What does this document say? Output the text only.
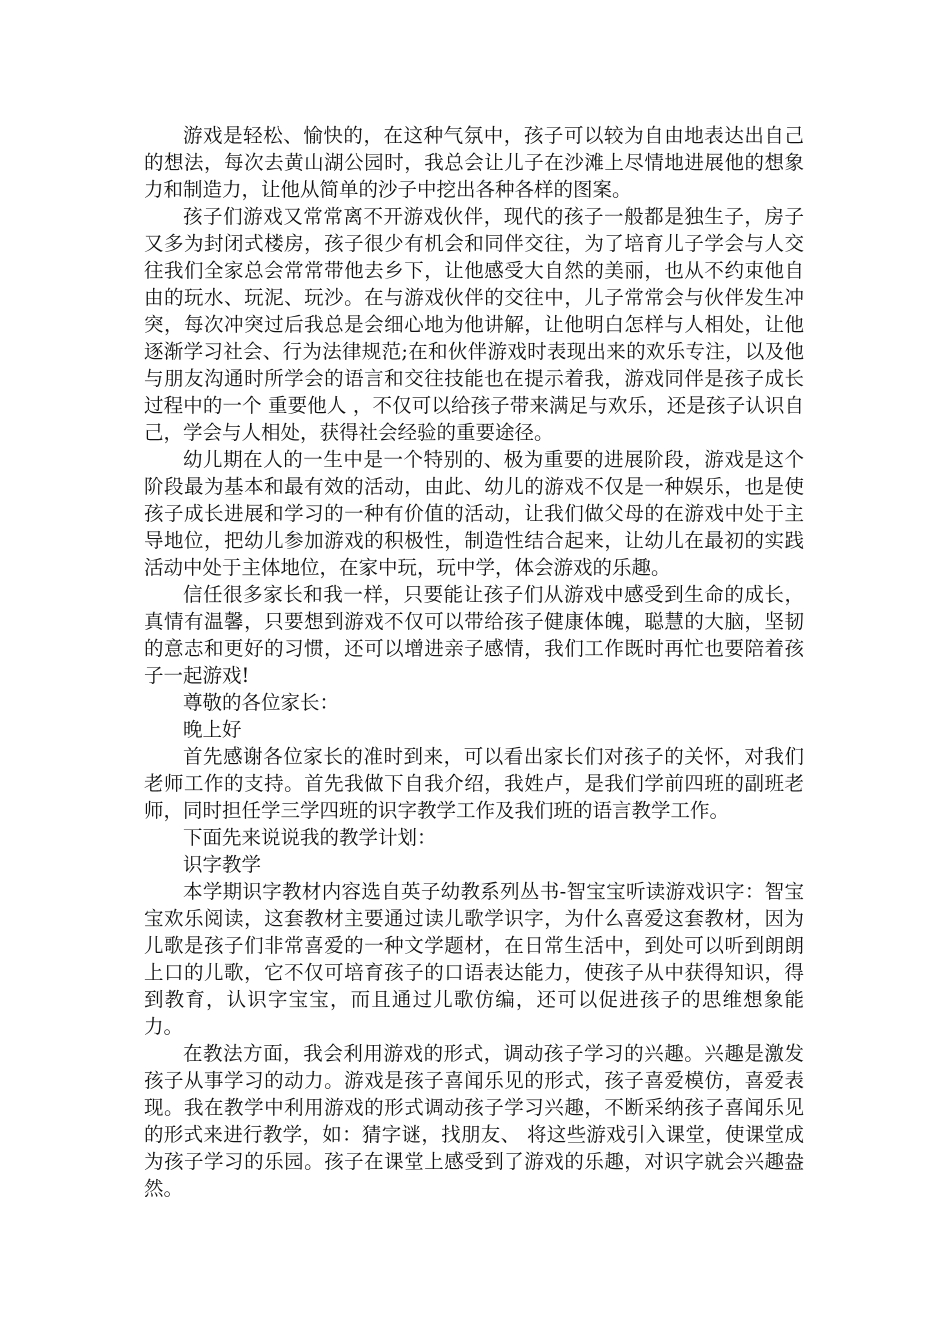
游戏是轻松、愉快的，在这种气氛中，孩子可以较为自由地表达出自己的想法，每次去黄山湖公园时，我总会让儿子在沙滩上尽情地进展他的想象力和制造力，让他从简单的沙子中挖出各种各样的图案。

孩子们游戏又常常离不开游戏伙伴，现代的孩子一般都是独生子，房子又多为封闭式楼房，孩子很少有机会和同伴交往，为了培育儿子学会与人交往我们全家总会常常带他去乡下，让他感受大自然的美丽，也从不约束他自由的玩水、玩泥、玩沙。在与游戏伙伴的交往中，儿子常常会与伙伴发生冲突，每次冲突过后我总是会细心地为他讲解，让他明白怎样与人相处，让他逐渐学习社会、行为法律规范;在和伙伴游戏时表现出来的欢乐专注，以及他与朋友沟通时所学会的语言和交往技能也在提示着我，游戏同伴是孩子成长过程中的一个 重要他人 ，不仅可以给孩子带来满足与欢乐，还是孩子认识自己，学会与人相处，获得社会经验的重要途径。

幼儿期在人的一生中是一个特别的、极为重要的进展阶段，游戏是这个阶段最为基本和最有效的活动，由此、幼儿的游戏不仅是一种娱乐，也是使孩子成长进展和学习的一种有价值的活动，让我们做父母的在游戏中处于主导地位，把幼儿参加游戏的积极性，制造性结合起来，让幼儿在最初的实践活动中处于主体地位，在家中玩，玩中学，体会游戏的乐趣。

信任很多家长和我一样，只要能让孩子们从游戏中感受到生命的成长，真情有温馨，只要想到游戏不仅可以带给孩子健康体魄，聪慧的大脑，坚韧的意志和更好的习惯，还可以增进亲子感情，我们工作既时再忙也要陪着孩子一起游戏!

尊敬的各位家长：

晚上好

首先感谢各位家长的准时到来，可以看出家长们对孩子的关怀，对我们老师工作的支持。首先我做下自我介绍，我姓卢，是我们学前四班的副班老师，同时担任学三学四班的识字教学工作及我们班的语言教学工作。

下面先来说说我的教学计划：

识字教学

本学期识字教材内容选自英子幼教系列丛书-智宝宝听读游戏识字：智宝宝欢乐阅读，这套教材主要通过读儿歌学识字，为什么喜爱这套教材，因为儿歌是孩子们非常喜爱的一种文学题材，在日常生活中，到处可以听到朗朗上口的儿歌，它不仅可培育孩子的口语表达能力，使孩子从中获得知识，得到教育，认识字宝宝，而且通过儿歌仿编，还可以促进孩子的思维想象能力。

在教法方面，我会利用游戏的形式，调动孩子学习的兴趣。兴趣是激发孩子从事学习的动力。游戏是孩子喜闻乐见的形式，孩子喜爱模仿，喜爱表现。我在教学中利用游戏的形式调动孩子学习兴趣，不断采纳孩子喜闻乐见的形式来进行教学，如：猜字谜，找朋友、 将这些游戏引入课堂，使课堂成为孩子学习的乐园。孩子在课堂上感受到了游戏的乐趣，对识字就会兴趣盎然。
